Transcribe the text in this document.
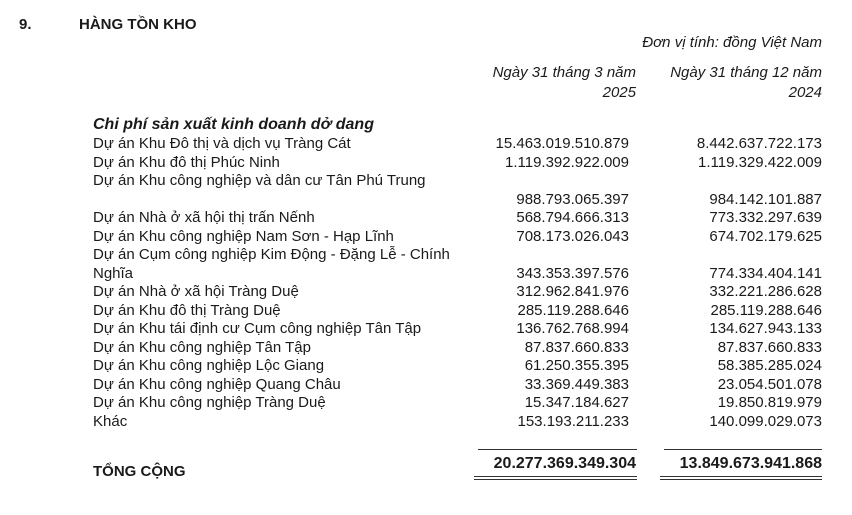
9.	HÀNG TỒN KHO
Đơn vị tính: đồng Việt Nam
Ngày 31 tháng 3 năm 2025
Ngày 31 tháng 12 năm 2024
Chi phí sản xuất kinh doanh dở dang
Dự án Khu Đô thị và dịch vụ Tràng Cát	15.463.019.510.879	8.442.637.722.173
Dự án Khu đô thị Phúc Ninh	1.119.392.922.009	1.119.329.422.009
Dự án Khu công nghiệp và dân cư Tân Phú Trung
988.793.065.397	984.142.101.887
Dự án Nhà ở xã hội thị trấn Nếnh	568.794.666.313	773.332.297.639
Dự án Khu công nghiệp Nam Sơn - Hạp Lĩnh	708.173.026.043	674.702.179.625
Dự án Cụm công nghiệp Kim Động - Đặng Lễ - Chính Nghĩa	343.353.397.576	774.334.404.141
Dự án Nhà ở xã hội Tràng Duệ	312.962.841.976	332.221.286.628
Dự án Khu đô thị Tràng Duệ	285.119.288.646	285.119.288.646
Dự án Khu tái định cư Cụm công nghiệp Tân Tập	136.762.768.994	134.627.943.133
Dự án Khu công nghiệp Tân Tập	87.837.660.833	87.837.660.833
Dự án Khu công nghiệp Lộc Giang	61.250.355.395	58.385.285.024
Dự án Khu công nghiệp Quang Châu	33.369.449.383	23.054.501.078
Dự án Khu công nghiệp Tràng Duệ	15.347.184.627	19.850.819.979
Khác	153.193.211.233	140.099.029.073
TỔNG CỘNG	20.277.369.349.304	13.849.673.941.868
